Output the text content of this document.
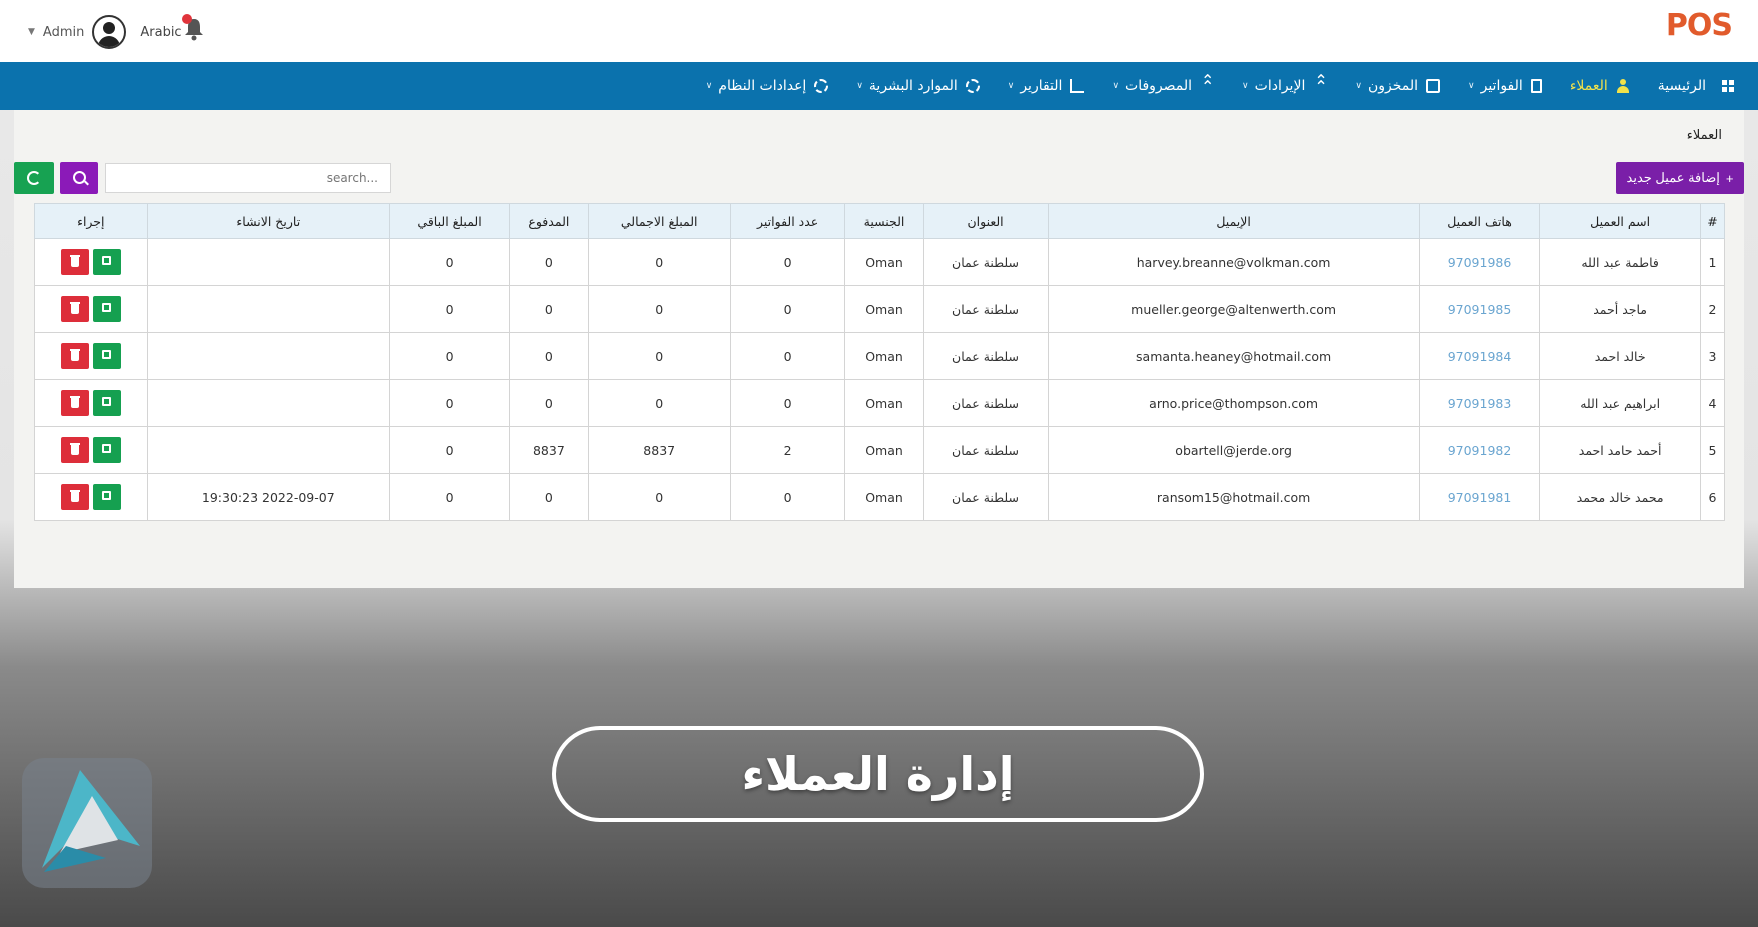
POS
▼ Admin	Arabic
الرئيسية
العملاء
الفواتير
∨
المخزون
∨
⌃ ⌃
الإيرادات
∨
⌃ ⌃
المصروفات
∨
التقارير
∨
الموارد البشرية
∨
إعدادات النظام
∨
العملاء
+
إضافة عميل جديد
search...
#	اسم العميل	هاتف العميل	الإيميل	العنوان	الجنسية	عدد الفواتير	المبلغ الاجمالي	المدفوع	المبلغ الباقي	تاريخ الانشاء	إجراء
1	فاطمة عبد الله	97091986	harvey.breanne@volkman.com	سلطنة عمان	Oman	0	0	0	0		

2	ماجد أحمد	97091985	mueller.george@altenwerth.com	سلطنة عمان	Oman	0	0	0	0		

3	خالد احمد	97091984	samanta.heaney@hotmail.com	سلطنة عمان	Oman	0	0	0	0		

4	ابراهيم عبد الله	97091983	arno.price@thompson.com	سلطنة عمان	Oman	0	0	0	0		

5	أحمد حامد احمد	97091982	obartell@jerde.org	سلطنة عمان	Oman	2	8837	8837	0		

6	محمد خالد محمد	97091981	ransom15@hotmail.com	سلطنة عمان	Oman	0	0	0	0	2022-09-07 19:30:23	
إدارة العملاء
